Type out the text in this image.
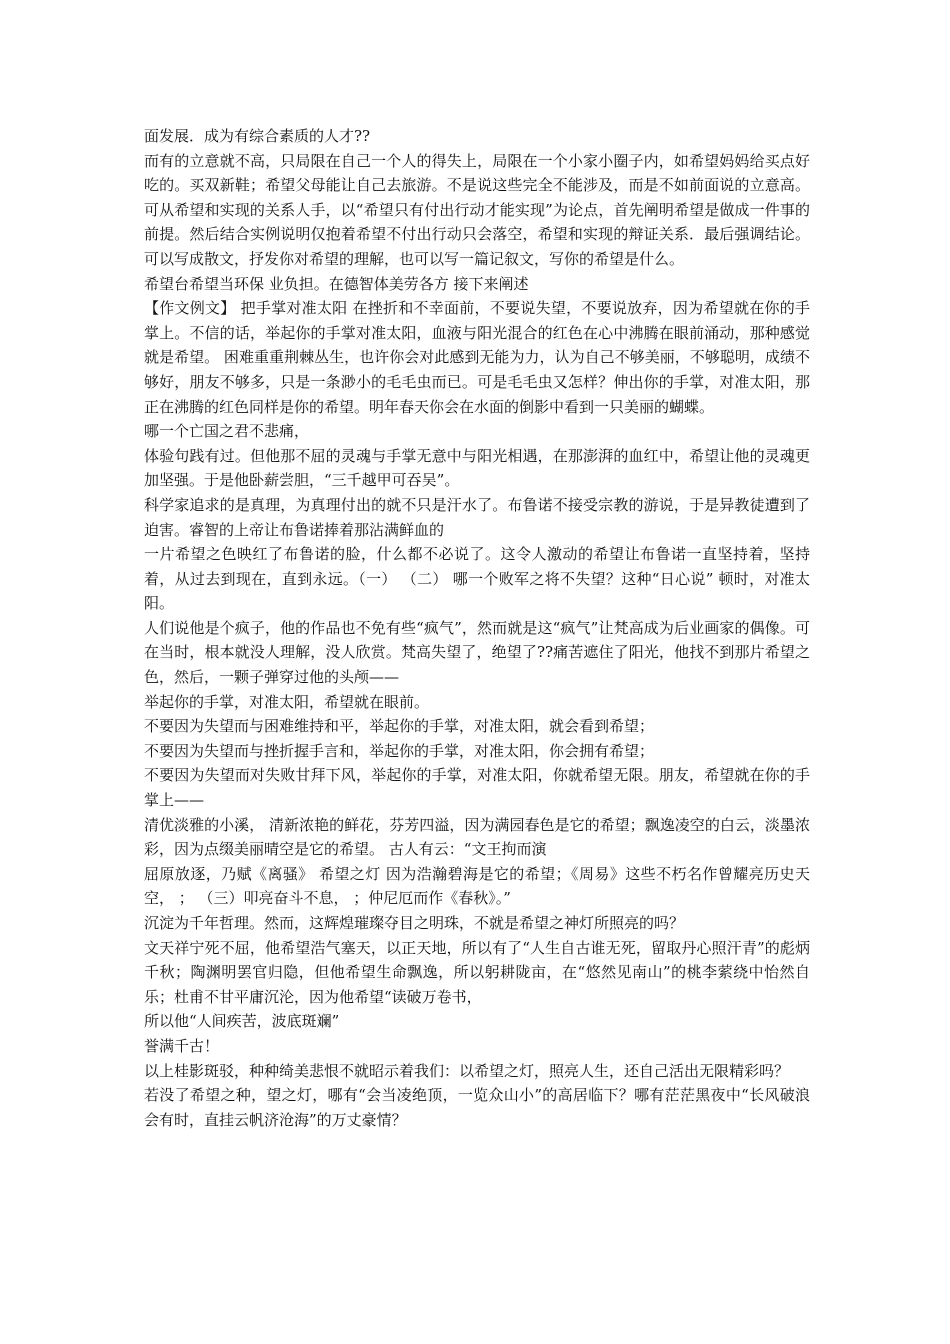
面发展．成为有综合素质的人才??

而有的立意就不高，只局限在自己一个人的得失上，局限在一个小家小圈子内，如希望妈妈给买点好吃的。买双新鞋；希望父母能让自己去旅游。不是说这些完全不能涉及，而是不如前面说的立意高。可从希望和实现的关系人手，以“希望只有付出行动才能实现”为论点，首先阐明希望是做成一件事的前提。然后结合实例说明仅抱着希望不付出行动只会落空，希望和实现的辩证关系．最后强调结论。可以写成散文，抒发你对希望的理解，也可以写一篇记叙文，写你的希望是什么。

希望台希望当环保 业负担。在德智体美劳各方 接下来阐述

【作文例文】 把手掌对准太阳 在挫折和不幸面前，不要说失望，不要说放弃，因为希望就在你的手掌上。不信的话，举起你的手掌对准太阳，血液与阳光混合的红色在心中沸腾在眼前涌动，那种感觉就是希望。 困难重重荆棘丛生，也许你会对此感到无能为力，认为自己不够美丽，不够聪明，成绩不够好，朋友不够多，只是一条渺小的毛毛虫而已。可是毛毛虫又怎样？伸出你的手掌，对准太阳，那正在沸腾的红色同样是你的希望。明年春天你会在水面的倒影中看到一只美丽的蝴蝶。

哪一个亡国之君不悲痛，

体验句践有过。但他那不屈的灵魂与手掌无意中与阳光相遇，在那澎湃的血红中，希望让他的灵魂更加坚强。于是他卧薪尝胆，“三千越甲可吞吴”。

科学家追求的是真理，为真理付出的就不只是汗水了。布鲁诺不接受宗教的游说，于是异教徒遭到了迫害。睿智的上帝让布鲁诺捧着那沾满鲜血的

一片希望之色映红了布鲁诺的脸，什么都不必说了。这令人激动的希望让布鲁诺一直坚持着，坚持着，从过去到现在，直到永远。（一） （二） 哪一个败军之将不失望？这种“日心说” 顿时，对准太阳。

人们说他是个疯子，他的作品也不免有些“疯气”，然而就是这“疯气”让梵高成为后业画家的偶像。可在当时，根本就没人理解，没人欣赏。梵高失望了，绝望了??痛苦遮住了阳光，他找不到那片希望之色，然后，一颗子弹穿过他的头颅——

举起你的手掌，对准太阳，希望就在眼前。

不要因为失望而与困难维持和平，举起你的手掌，对准太阳，就会看到希望；

不要因为失望而与挫折握手言和，举起你的手掌，对准太阳，你会拥有希望；

不要因为失望而对失败甘拜下风，举起你的手掌，对准太阳，你就希望无限。朋友，希望就在你的手掌上——

清优淡雅的小溪， 清新浓艳的鲜花，芬芳四溢，因为满园春色是它的希望；飘逸凌空的白云，淡墨浓彩，因为点缀美丽晴空是它的希望。 古人有云：“文王拘而演

屈原放逐，乃赋《离骚》 希望之灯 因为浩瀚碧海是它的希望；《周易》这些不朽名作曾耀亮历史天空， ； （三）叩亮奋斗不息， ；仲尼厄而作《春秋》。”

沉淀为千年哲理。然而，这辉煌璀璨夺目之明珠，不就是希望之神灯所照亮的吗？

文天祥宁死不屈，他希望浩气塞天，以正天地，所以有了“人生自古谁无死，留取丹心照汗青”的彪炳千秋；陶渊明罢官归隐，但他希望生命飘逸，所以躬耕陇亩，在“悠然见南山”的桃李萦绕中怡然自乐；杜甫不甘平庸沉沦，因为他希望“读破万卷书，

所以他“人间疾苦，波底斑斓”

誉满千古！

以上桂影斑驳，种种绮美悲恨不就昭示着我们：以希望之灯，照亮人生，还自己活出无限精彩吗？

若没了希望之种，望之灯，哪有“会当凌绝顶，一览众山小”的高居临下？哪有茫茫黑夜中“长风破浪会有时，直挂云帆济沧海”的万丈豪情？
